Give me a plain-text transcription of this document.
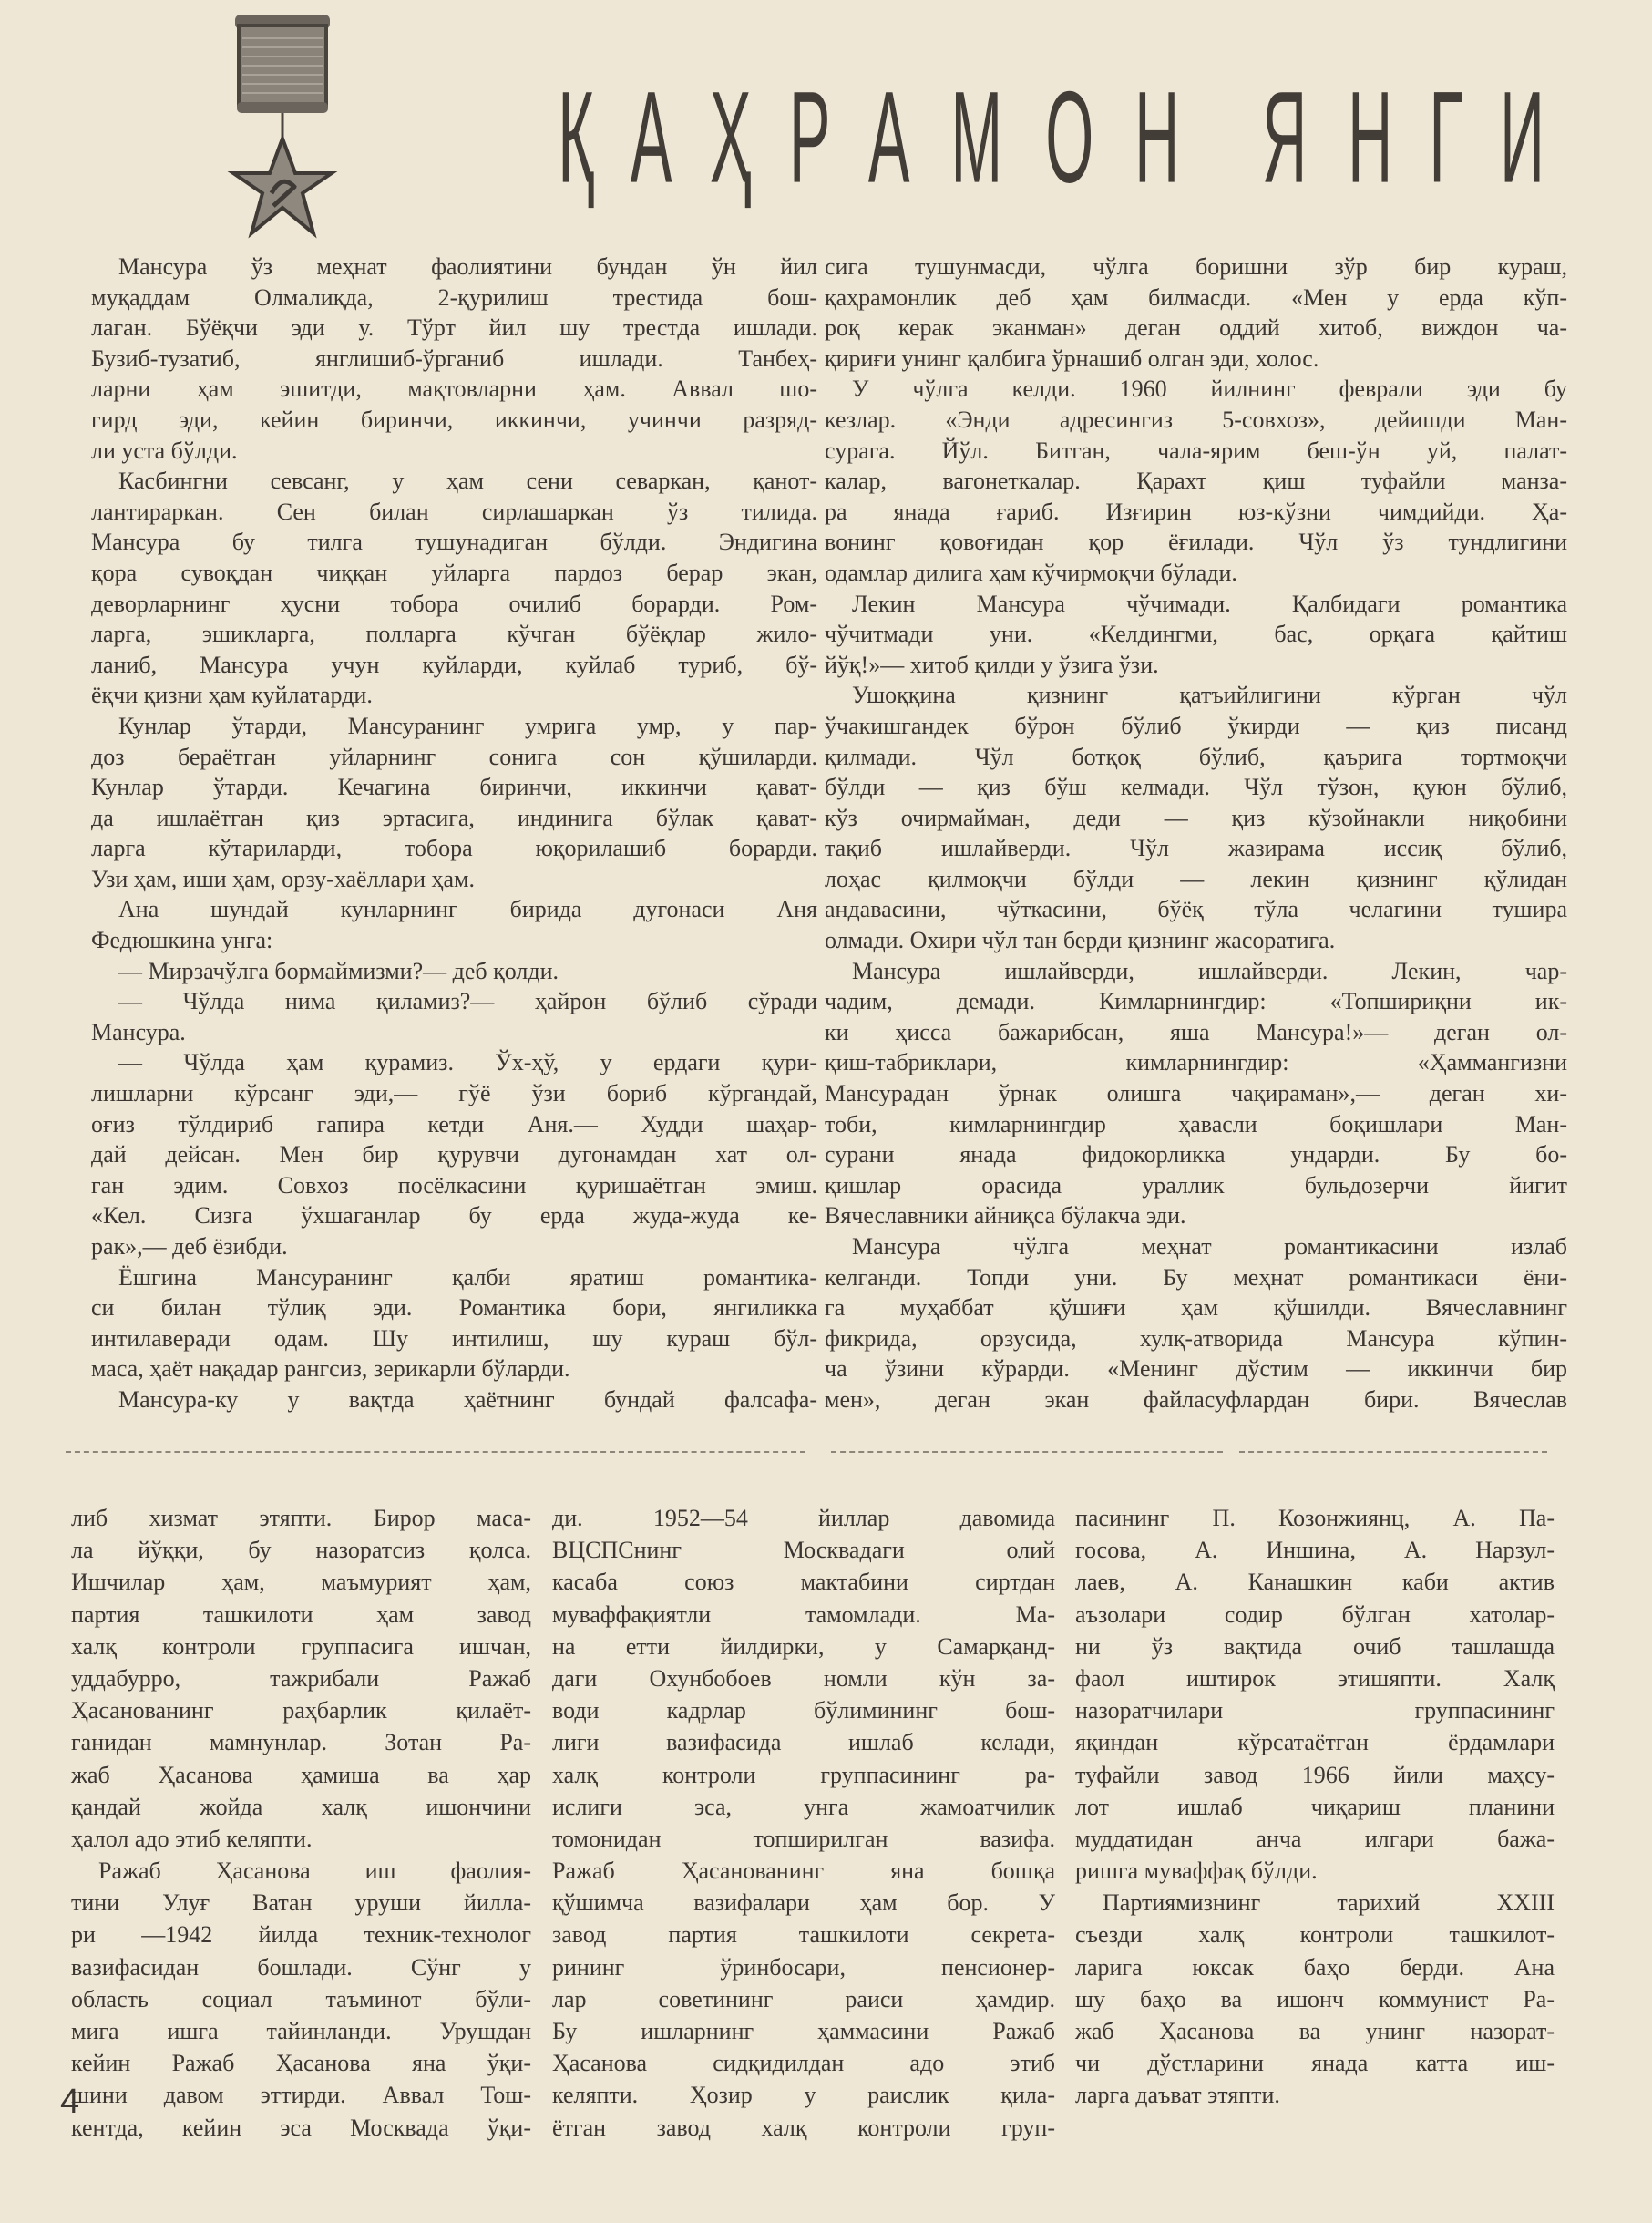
Қ А Ҳ Р А М О Н Я Н Г И
Мансура ўз меҳнат фаолиятини бундан ўн йил
муқаддам Олмалиқда, 2-қурилиш трестида бош-
лаган. Бўёқчи эди у. Тўрт йил шу трестда ишлади.
Бузиб-тузатиб, янглишиб-ўрганиб ишлади. Танбеҳ-
ларни ҳам эшитди, мақтовларни ҳам. Аввал шо-
гирд эди, кейин биринчи, иккинчи, учинчи разряд-
ли уста бўлди.
Касбингни севсанг, у ҳам сени севаркан, қанот-
лантираркан. Сен билан сирлашаркан ўз тилида.
Мансура бу тилга тушунадиган бўлди. Эндигина
қора сувоқдан чиққан уйларга пардоз берар экан,
деворларнинг ҳусни тобора очилиб борарди. Ром-
ларга, эшикларга, полларга кўчган бўёқлар жило-
ланиб, Мансура учун куйларди, куйлаб туриб, бў-
ёқчи қизни ҳам куйлатарди.
Кунлар ўтарди, Мансуранинг умрига умр, у пар-
доз бераётган уйларнинг сонига сон қўшиларди.
Кунлар ўтарди. Кечагина биринчи, иккинчи қават-
да ишлаётган қиз эртасига, индинига бўлак қават-
ларга кўтариларди, тобора юқорилашиб борарди.
Узи ҳам, иши ҳам, орзу-хаёллари ҳам.
Ана шундай кунларнинг бирида дугонаси Аня
Федюшкина унга:
— Мирзачўлга бормаймизми?— деб қолди.
— Чўлда нима қиламиз?— ҳайрон бўлиб сўради
Мансура.
— Чўлда ҳам қурамиз. Ўх-ҳў, у ердаги қури-
лишларни кўрсанг эди,— гўё ўзи бориб кўргандай,
оғиз тўлдириб гапира кетди Аня.— Худди шаҳар-
дай дейсан. Мен бир қурувчи дугонамдан хат ол-
ган эдим. Совхоз посёлкасини қуришаётган эмиш.
«Кел. Сизга ўхшаганлар бу ерда жуда-жуда ке-
рак»,— деб ёзибди.
Ёшгина Мансуранинг қалби яратиш романтика-
си билан тўлиқ эди. Романтика бори, янгиликка
интилаверади одам. Шу интилиш, шу кураш бўл-
маса, ҳаёт нақадар рангсиз, зерикарли бўларди.
Мансура-ку у вақтда ҳаётнинг бундай фалсафа-
сига тушунмасди, чўлга боришни зўр бир кураш,
қаҳрамонлик деб ҳам билмасди. «Мен у ерда кўп-
роқ керак эканман» деган оддий хитоб, виждон ча-
қириғи унинг қалбига ўрнашиб олган эди, холос.
У чўлга келди. 1960 йилнинг феврали эди бу
кезлар. «Энди адресингиз 5-совхоз», дейишди Ман-
сурага. Йўл. Битган, чала-ярим беш-ўн уй, палат-
калар, вагонеткалар. Қарахт қиш туфайли манза-
ра янада ғариб. Изғирин юз-кўзни чимдийди. Ҳа-
вонинг қовоғидан қор ёғилади. Чўл ўз тундлигини
одамлар дилига ҳам кўчирмоқчи бўлади.
Лекин Мансура чўчимади. Қалбидаги романтика
чўчитмади уни. «Келдингми, бас, орқага қайтиш
йўқ!»— хитоб қилди у ўзига ўзи.
Ушоққина қизнинг қатъийлигини кўрган чўл
ўчакишгандек бўрон бўлиб ўкирди — қиз писанд
қилмади. Чўл ботқоқ бўлиб, қаърига тортмоқчи
бўлди — қиз бўш келмади. Чўл тўзон, қуюн бўлиб,
кўз очирмайман, деди — қиз кўзойнакли ниқобини
тақиб ишлайверди. Чўл жазирама иссиқ бўлиб,
лоҳас қилмоқчи бўлди — лекин қизнинг қўлидан
андавасини, чўткасини, бўёқ тўла челагини тушира
олмади. Охири чўл тан берди қизнинг жасоратига.
Мансура ишлайверди, ишлайверди. Лекин, чар-
чадим, демади. Кимларнингдир: «Топшириқни ик-
ки ҳисса бажарибсан, яша Мансура!»— деган ол-
қиш-табриклари, кимларнингдир: «Ҳаммангизни
Мансурадан ўрнак олишга чақираман»,— деган хи-
тоби, кимларнингдир ҳавасли боқишлари Ман-
сурани янада фидокорликка ундарди. Бу бо-
қишлар орасида ураллик бульдозерчи йигит
Вячеславники айниқса бўлакча эди.
Мансура чўлга меҳнат романтикасини излаб
келганди. Топди уни. Бу меҳнат романтикаси ёни-
га муҳаббат қўшиғи ҳам қўшилди. Вячеславнинг
фикрида, орзусида, хулқ-атворида Мансура кўпин-
ча ўзини кўрарди. «Менинг дўстим — иккинчи бир
мен», деган экан файласуфлардан бири. Вячеслав
либ хизмат этяпти. Бирор маса-
ла йўққи, бу назоратсиз қолса.
Ишчилар ҳам, маъмурият ҳам,
партия ташкилоти ҳам завод
халқ контроли группасига ишчан,
уддабурро, тажрибали Ражаб
Ҳасанованинг раҳбарлик қилаёт-
ганидан мамнунлар. Зотан Ра-
жаб Ҳасанова ҳамиша ва ҳар
қандай жойда халқ ишончини
ҳалол адо этиб келяпти.
Ражаб Ҳасанова иш фаолия-
тини Улуғ Ватан уруши йилла-
ри —1942 йилда техник-технолог
вазифасидан бошлади. Сўнг у
область социал таъминот бўли-
мига ишга тайинланди. Урушдан
кейин Ражаб Ҳасанова яна ўқи-
шини давом эттирди. Аввал Тош-
кентда, кейин эса Москвада ўқи-
ди. 1952—54 йиллар давомида
ВЦСПСнинг Москвадаги олий
касаба союз мактабини сиртдан
муваффақиятли тамомлади. Ма-
на етти йилдирки, у Самарқанд-
даги Охунбобоев номли кўн за-
води кадрлар бўлимининг бош-
лиғи вазифасида ишлаб келади,
халқ контроли группасининг ра-
ислиги эса, унга жамоатчилик
томонидан топширилган вазифа.
Ражаб Ҳасанованинг яна бошқа
қўшимча вазифалари ҳам бор. У
завод партия ташкилоти секрета-
рининг ўринбосари, пенсионер-
лар советининг раиси ҳамдир.
Бу ишларнинг ҳаммасини Ражаб
Ҳасанова сидқидилдан адо этиб
келяпти. Ҳозир у раислик қила-
ётган завод халқ контроли груп-
пасининг П. Козонжиянц, А. Па-
госова, А. Иншина, А. Нарзул-
лаев, А. Канашкин каби актив
аъзолари содир бўлган хатолар-
ни ўз вақтида очиб ташлашда
фаол иштирок этишяпти. Халқ
назоратчилари группасининг
яқиндан кўрсатаётган ёрдамлари
туфайли завод 1966 йили маҳсу-
лот ишлаб чиқариш планини
муддатидан анча илгари бажа-
ришга муваффақ бўлди.
Партиямизнинг тарихий XXIII
съезди халқ контроли ташкилот-
ларига юксак баҳо берди. Ана
шу баҳо ва ишонч коммунист Ра-
жаб Ҳасанова ва унинг назорат-
чи дўстларини янада катта иш-
ларга даъват этяпти.
4
